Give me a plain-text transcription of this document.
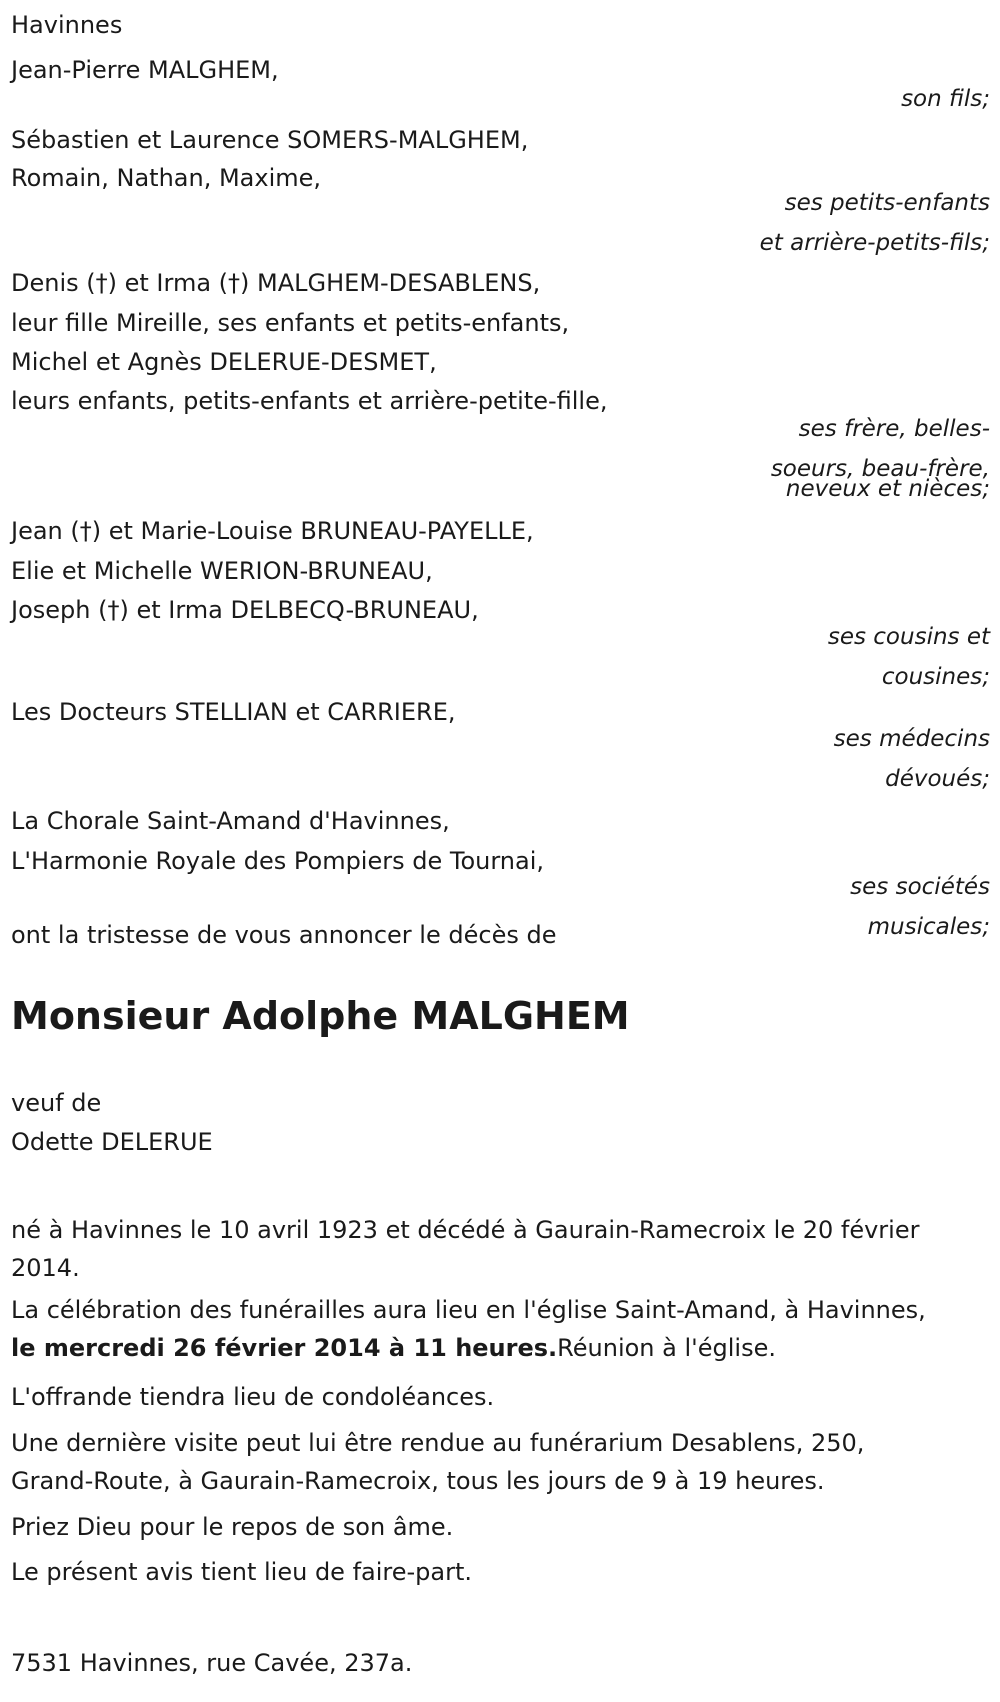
Havinnes
Jean-Pierre MALGHEM,
son fils;
Sébastien et Laurence SOMERS-MALGHEM,
Romain, Nathan, Maxime,
ses petits-enfants
et arrière-petits-fils;
Denis (†) et Irma (†) MALGHEM-DESABLENS,
leur fille Mireille, ses enfants et petits-enfants,
Michel et Agnès DELERUE-DESMET,
leurs enfants, petits-enfants et arrière-petite-fille,
ses frère, belles-
soeurs, beau-frère,
neveux et nièces;
Jean (†) et Marie-Louise BRUNEAU-PAYELLE,
Elie et Michelle WERION-BRUNEAU,
Joseph (†) et Irma DELBECQ-BRUNEAU,
ses cousins et
cousines;
Les Docteurs STELLIAN et CARRIERE,
ses médecins
dévoués;
La Chorale Saint-Amand d'Havinnes,
L'Harmonie Royale des Pompiers de Tournai,
ses sociétés
musicales;
ont la tristesse de vous annoncer le décès de
Monsieur Adolphe MALGHEM
veuf de
Odette DELERUE
né à Havinnes le 10 avril 1923 et décédé à Gaurain-Ramecroix le 20 février 2014.
La célébration des funérailles aura lieu en l'église Saint-Amand, à Havinnes, le mercredi 26 février 2014 à 11 heures.Réunion à l'église.
L'offrande tiendra lieu de condoléances.
Une dernière visite peut lui être rendue au funérarium Desablens, 250, Grand-Route, à Gaurain-Ramecroix, tous les jours de 9 à 19 heures.
Priez Dieu pour le repos de son âme.
Le présent avis tient lieu de faire-part.
7531 Havinnes, rue Cavée, 237a.
